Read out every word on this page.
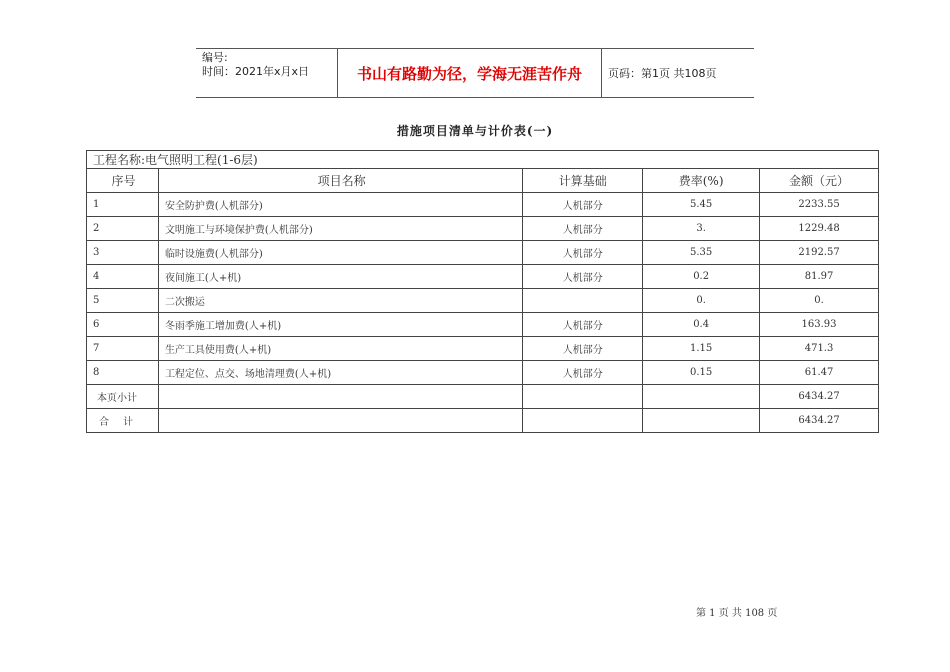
编号:
时间：2021年x月x日	书山有路勤为径，学海无涯苦作舟	页码：第1页 共108页
措施项目清单与计价表(一)
工程名称:电气照明工程(1-6层)				
序号	项目名称	计算基础	费率(%)	金额（元）
1	安全防护费(人机部分)	人机部分	5.45	2233.55
2	文明施工与环境保护费(人机部分)	人机部分	3.	1229.48
3	临时设施费(人机部分)	人机部分	5.35	2192.57
4	夜间施工(人+机)	人机部分	0.2	81.97
5	二次搬运		0.	0.
6	冬雨季施工增加费(人+机)	人机部分	0.4	163.93
7	生产工具使用费(人+机)	人机部分	1.15	471.3
8	工程定位、点交、场地清理费(人+机)	人机部分	0.15	61.47
本页小计				6434.27
合计				6434.27
第 1 页 共 108 页
